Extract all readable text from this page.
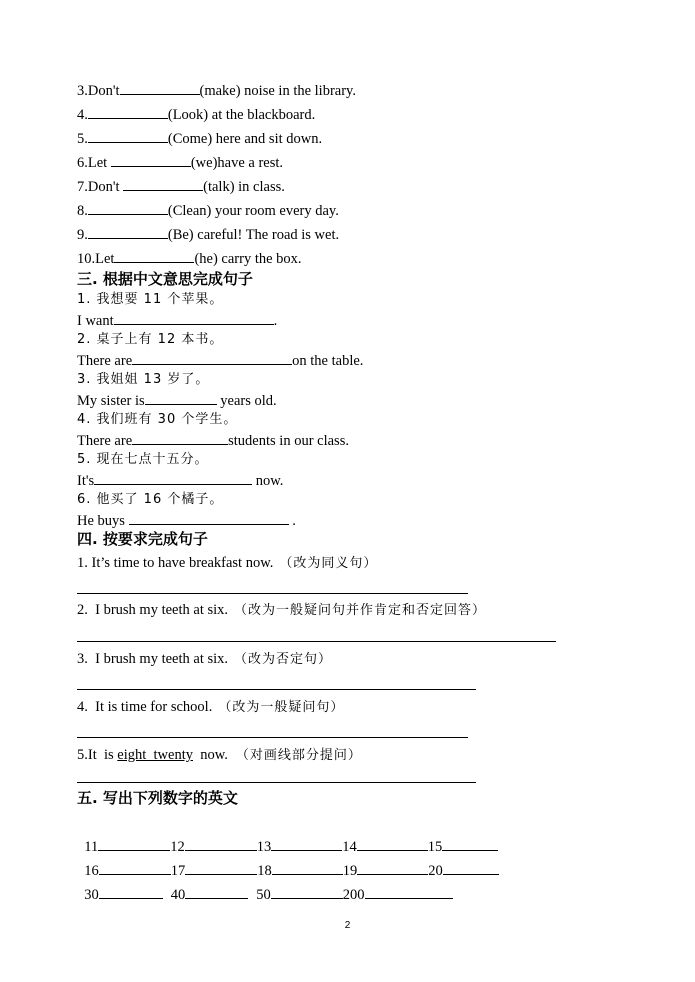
3.Don't	(make) noise in the library.
4.	(Look) at the blackboard.
5.	(Come) here and sit down.
6.Let	(we)have a rest.
7.Don't	(talk) in class.
8.	(Clean) your room every day.
9.	(Be) careful! The road is wet.
10.Let	(he) carry the box.
三. 根据中文意思完成句子
1. 我想要 11 个苹果。
I want	.
2. 桌子上有 12 本书。
There are	on the table.
3. 我姐姐 13 岁了。
My sister is	years old.
4. 我们班有 30 个学生。
There are	students in our class.
5. 现在七点十五分。
It's	now.
6. 他买了 16 个橘子。
He buys	.
四. 按要求完成句子
1. It’s time to have breakfast now. （改为同义句）
2.  I brush my teeth at six. （改为一般疑问句并作肯定和否定回答）
3.  I brush my teeth at six. （改为否定句）
4.  It is time for school. （改为一般疑问句）
5.It  is eight  twenty  now. （对画线部分提问）
五. 写出下列数字的英文

11	12	13	14	15

16	17	18	19	20

30	40	50	200

2
